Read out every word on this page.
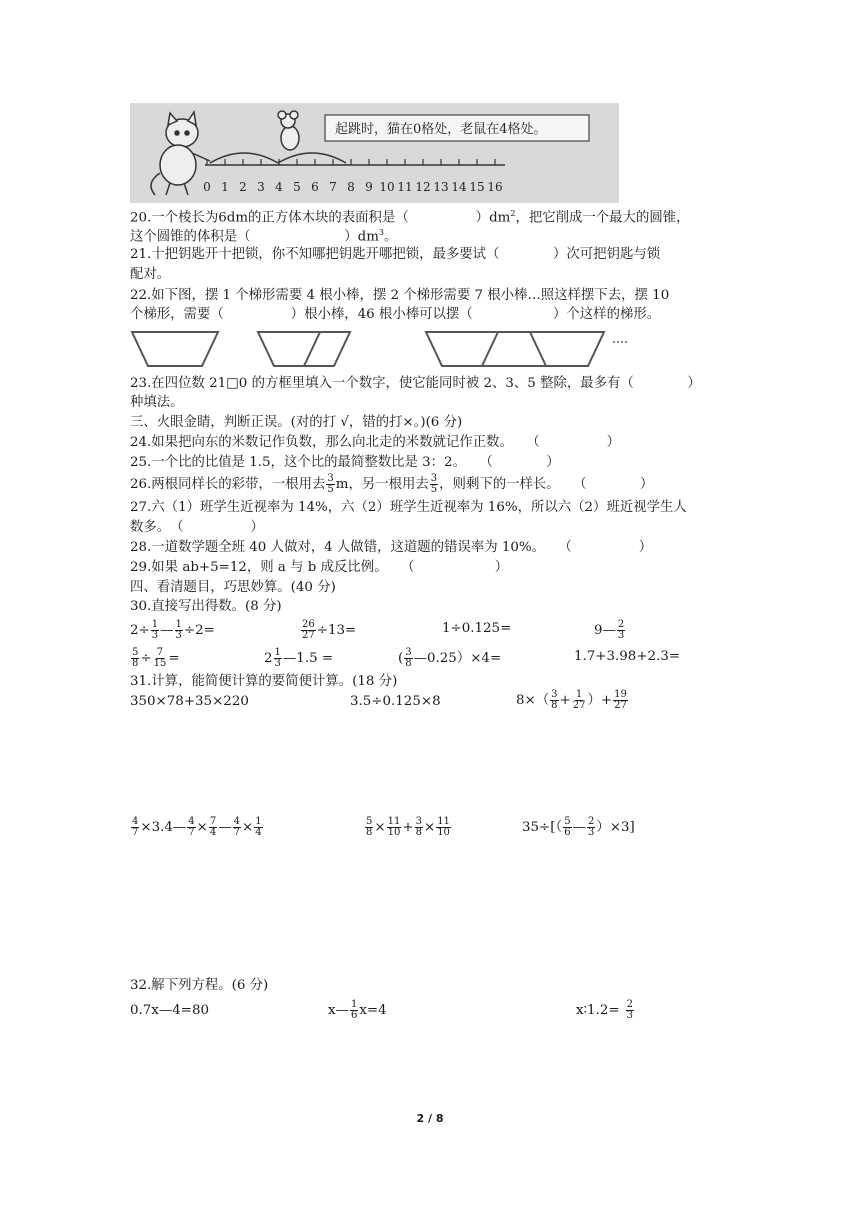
0 1 2 3 4 5 6 7 8 9 10 11 12 13 14 15 16
起跳时，猫在0格处，老鼠在4格处。
20.一个棱长为6dm的正方体木块的表面积是（　　　　　）$dm^2$，把它削成一个最大的圆锥，
这个圆锥的体积是（　　　　　　　）$dm^3$。
21.十把钥匙开十把锁，你不知哪把钥匙开哪把锁，最多要试（　　　　）次可把钥匙与锁
配对。
22.如下图，摆 1 个梯形需要 4 根小棒，摆 2 个梯形需要 7 根小棒…照这样摆下去，摆 10
个梯形，需要（　　　　　）根小棒，46 根小棒可以摆（　　　　　　）个这样的梯形。
23.在四位数 21□0 的方框里填入一个数字，使它能同时被 2、3、5 整除，最多有（　　　　）
种填法。
三、火眼金睛，判断正误。(对的打 √，错的打×。)(6 分)
24.如果把向东的米数记作负数，那么向北走的米数就记作正数。　　（　　　　　）
25.一个比的比值是 1.5，这个比的最简整数比是 3：2。　　（　　　　）
26.两根同样长的彩带，一根用去 $\frac{3}{5}$ m，另一根用去 $\frac{3}{5}$ ，则剩下的一样长。　　（　　　　）
27.六（1）班学生近视率为 14%，六（2）班学生近视率为 16%，所以六（2）班近视学生人
数多。　（　　　　　）
28.一道数学题全班 40 人做对，4 人做错，这道题的错误率为 10%。　　（　　　　　）
29.如果 ab+5=12，则 a 与 b 成反比例。　　（　　　　　　）
四、看清题目，巧思妙算。(40 分)
30.直接写出得数。(8 分)
$2\div \frac{1}{3}$ — $\frac{1}{3} \div 2=$	$\frac{26}{27} \div 13=$	1÷0.125=	9— $\frac{2}{3}$
$\frac{5}{8} \div \frac{7}{15}$ =	$2 \frac{1}{3}$ —1.5 =	( $\frac{3}{8}$ —0.25）×4=	1.7+3.98+2.3=
31.计算，能简便计算的要简便计算。(18 分)
350×78+35×220	3.5÷0.125×8	$8\times( \frac{3}{8} + \frac{1}{27}$ ）+ $\frac{19}{27}$
$\frac{4}{7}$ ×3.4— $\frac{4}{7} \times \frac{7}{4}$ — $\frac{4}{7} \times \frac{1}{4}$	$\frac{5}{8} \times \frac{11}{10} + \frac{3}{8} \times \frac{11}{10}$	$35\div[( \frac{5}{6}$ — $\frac{2}{3} )\times 3$]
32.解下列方程。(6 分)
0.7x—4=80	x— $\frac{1}{6} x=4$	x∶1.2= $\frac{2}{3}$
2 / 8
